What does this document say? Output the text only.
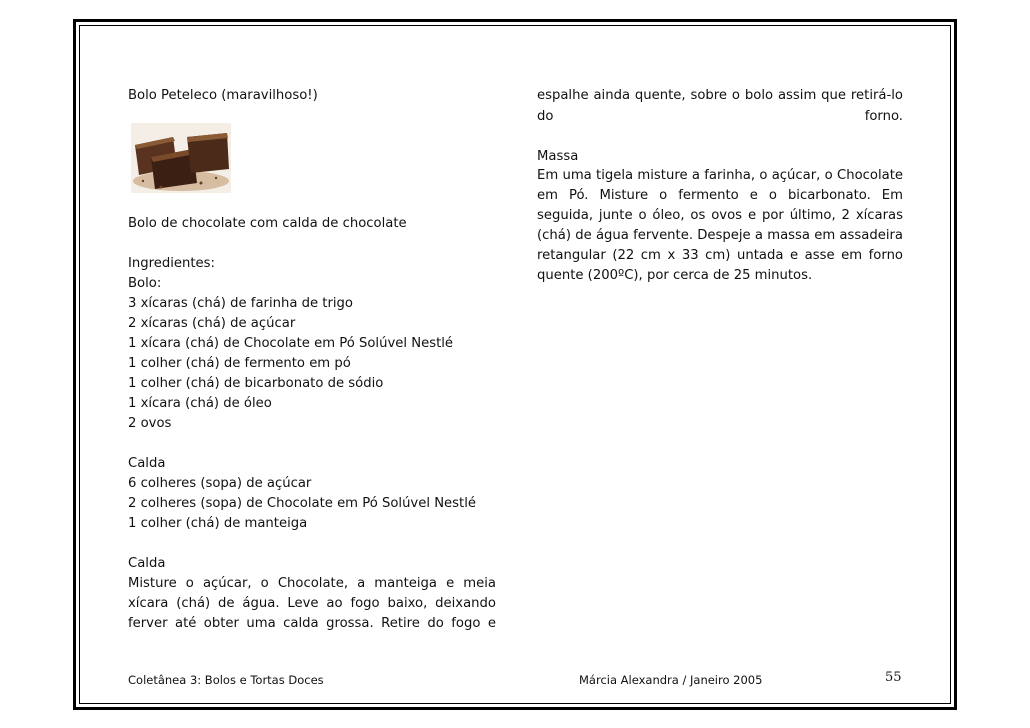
Bolo Peteleco (maravilhoso!)
Bolo de chocolate com calda de chocolate
Ingredientes:
Bolo:
3 xícaras (chá) de farinha de trigo
2 xícaras (chá) de açúcar
1 xícara (chá) de Chocolate em Pó Solúvel Nestlé
1 colher (chá) de fermento em pó
1 colher (chá) de bicarbonato de sódio
1 xícara (chá) de óleo
2 ovos
Calda
6 colheres (sopa) de açúcar
2 colheres (sopa) de Chocolate em Pó Solúvel Nestlé
1 colher (chá) de manteiga
Calda
Misture o açúcar, o Chocolate, a manteiga e meia
xícara (chá) de água. Leve ao fogo baixo, deixando
ferver até obter uma calda grossa. Retire do fogo e
espalhe ainda quente, sobre o bolo assim que retirá-lo
do forno.
Massa
Em uma tigela misture a farinha, o açúcar, o Chocolate
em Pó. Misture o fermento e o bicarbonato. Em
seguida, junte o óleo, os ovos e por último, 2 xícaras
(chá) de água fervente. Despeje a massa em assadeira
retangular (22 cm x 33 cm) untada e asse em forno
quente (200ºC), por cerca de 25 minutos.
Coletânea 3: Bolos e Tortas Doces	Márcia Alexandra / Janeiro 2005	55
